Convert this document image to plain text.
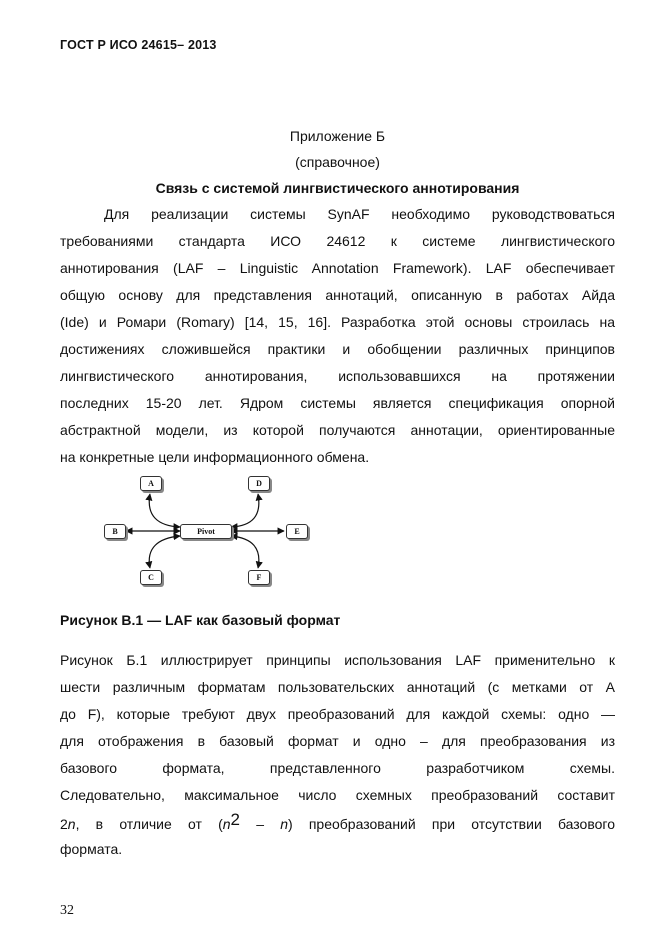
ГОСТ Р ИСО 24615– 2013
Приложение Б
(справочное)
Связь с системой лингвистического аннотирования
Для реализации системы SynAF необходимо руководствоваться
требованиями стандарта ИСО 24612 к системе лингвистического
аннотирования (LAF – Linguistic Annotation Framework). LAF обеспечивает
общую основу для представления аннотаций, описанную в работах Айда
(Ide) и Ромари (Romary) [14, 15, 16]. Разработка этой основы строилась на
достижениях сложившейся практики и обобщении различных принципов
лингвистического аннотирования, использовавшихся на протяжении
последних 15-20 лет. Ядром системы является спецификация опорной
абстрактной модели, из которой получаются аннотации, ориентированные
на конкретные цели информационного обмена.
A
B
C
Pivot
D
E
F
Рисунок В.1 — LAF как базовый формат
Рисунок Б.1 иллюстрирует принципы использования LAF применительно к
шести различным форматам пользовательских аннотаций (с метками от А
до F), которые требуют двух преобразований для каждой схемы: одно —
для отображения в базовый формат и одно – для преобразования из
базового формата, представленного разработчиком схемы.
Следовательно, максимальное число схемных преобразований составит
2n, в отличие от (n2 – n) преобразований при отсутствии базового
формата.
32
